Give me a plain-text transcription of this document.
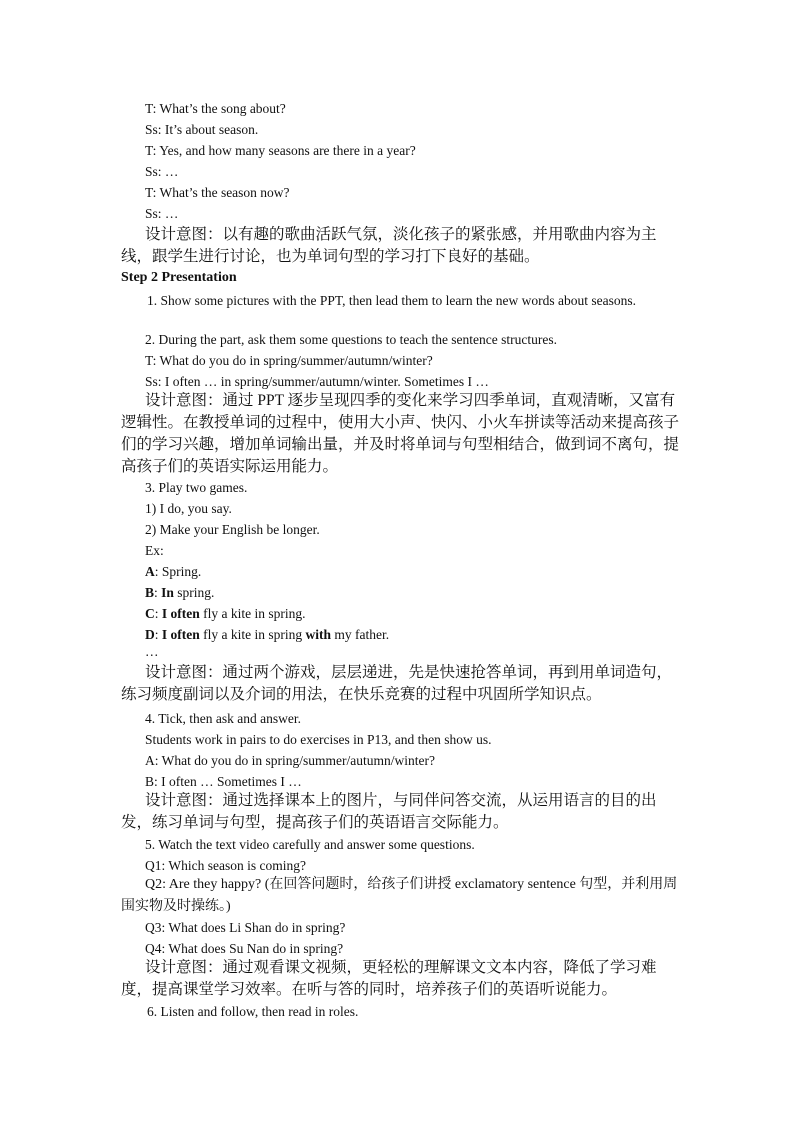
T: What’s the song about?
Ss: It’s about season.
T: Yes, and how many seasons are there in a year?
Ss: …
T: What’s the season now?
Ss: …
设计意图：以有趣的歌曲活跃气氛，淡化孩子的紧张感，并用歌曲内容为主线，跟学生进行讨论，也为单词句型的学习打下良好的基础。
Step 2 Presentation
1. Show some pictures with the PPT, then lead them to learn the new words about seasons.
2. During the part, ask them some questions to teach the sentence structures.
T: What do you do in spring/summer/autumn/winter?
Ss: I often … in spring/summer/autumn/winter. Sometimes I …
设计意图：通过 PPT 逐步呈现四季的变化来学习四季单词，直观清晰，又富有逻辑性。在教授单词的过程中，使用大小声、快闪、小火车拼读等活动来提高孩子们的学习兴趣，增加单词输出量，并及时将单词与句型相结合，做到词不离句，提高孩子们的英语实际运用能力。
3. Play two games.
1) I do, you say.
2) Make your English be longer.
Ex:
A: Spring.
B: In spring.
C: I often fly a kite in spring.
D: I often fly a kite in spring with my father.
…
设计意图：通过两个游戏，层层递进，先是快速抢答单词，再到用单词造句，练习频度副词以及介词的用法，在快乐竞赛的过程中巩固所学知识点。
4. Tick, then ask and answer.
Students work in pairs to do exercises in P13, and then show us.
A: What do you do in spring/summer/autumn/winter?
B: I often … Sometimes I …
设计意图：通过选择课本上的图片，与同伴问答交流，从运用语言的目的出发，练习单词与句型，提高孩子们的英语语言交际能力。
5. Watch the text video carefully and answer some questions.
Q1: Which season is coming?
Q2: Are they happy? (在回答问题时，给孩子们讲授 exclamatory sentence 句型，并利用周围实物及时操练。)
Q3: What does Li Shan do in spring?
Q4: What does Su Nan do in spring?
设计意图：通过观看课文视频，更轻松的理解课文文本内容，降低了学习难度，提高课堂学习效率。在听与答的同时，培养孩子们的英语听说能力。
6. Listen and follow, then read in roles.
